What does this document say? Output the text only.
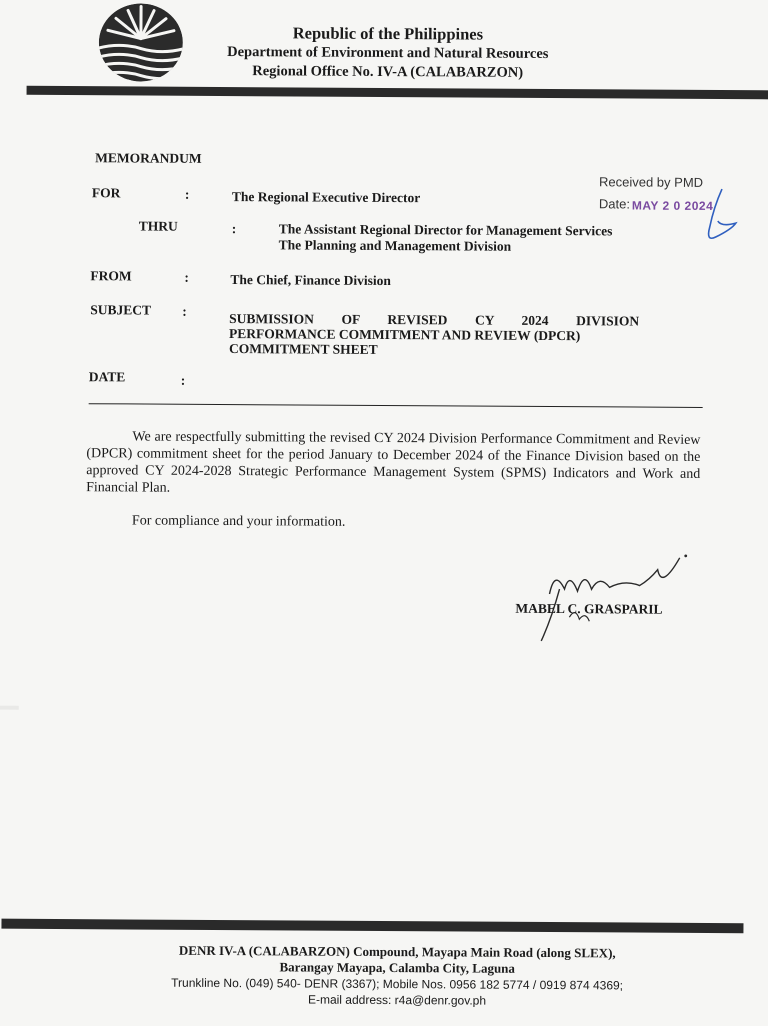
Republic of the Philippines
Department of Environment and Natural Resources
Regional Office No. IV-A (CALABARZON)
MEMORANDUM
Received by PMD
Date: MAY 2 0 2024
FOR	:	The Regional Executive Director
THRU	:	The Assistant Regional Director for Management Services
The Planning and Management Division
FROM	:	The Chief, Finance Division
SUBJECT :	SUBMISSION OF REVISED CY 2024 DIVISION
PERFORMANCE COMMITMENT AND REVIEW (DPCR)
COMMITMENT SHEET
DATE	:

We are respectfully submitting the revised CY 2024 Division Performance Commitment and Review (DPCR) commitment sheet for the period January to December 2024 of the Finance Division based on the approved CY 2024-2028 Strategic Performance Management System (SPMS) Indicators and Work and Financial Plan.

For compliance and your information.

MABEL C. GRASPARIL
DENR IV-A (CALABARZON) Compound, Mayapa Main Road (along SLEX),
Barangay Mayapa, Calamba City, Laguna
Trunkline No. (049) 540- DENR (3367); Mobile Nos. 0956 182 5774 / 0919 874 4369;
E-mail address: r4a@denr.gov.ph
